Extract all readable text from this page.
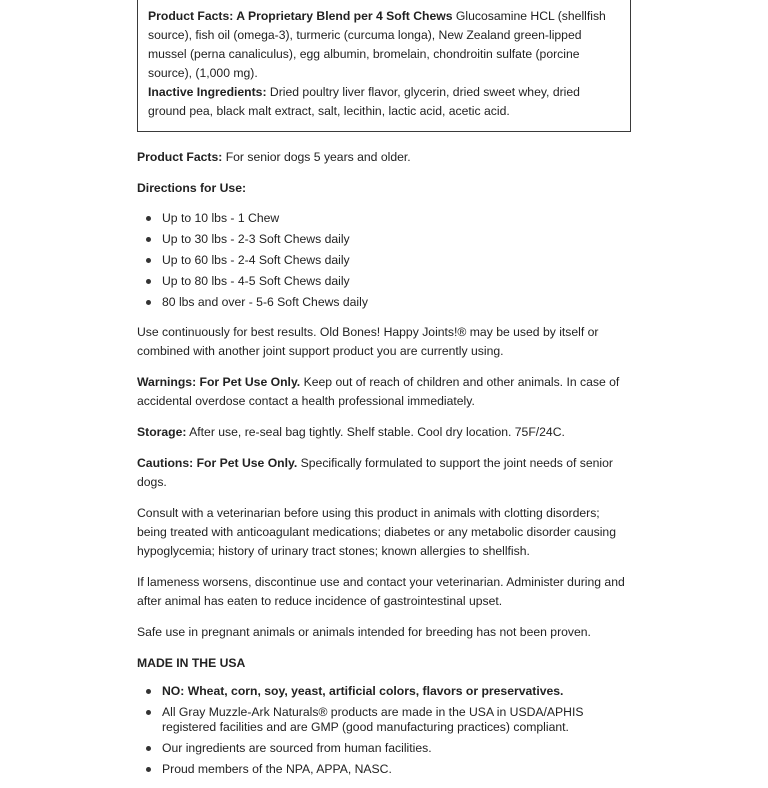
Product Facts: A Proprietary Blend per 4 Soft Chews Glucosamine HCL (shellfish source), fish oil (omega-3), turmeric (curcuma longa), New Zealand green-lipped mussel (perna canaliculus), egg albumin, bromelain, chondroitin sulfate (porcine source), (1,000 mg).

Inactive Ingredients: Dried poultry liver flavor, glycerin, dried sweet whey, dried ground pea, black malt extract, salt, lecithin, lactic acid, acetic acid.

Product Facts: For senior dogs 5 years and older.

Directions for Use:

Up to 10 lbs - 1 Chew
Up to 30 lbs - 2-3 Soft Chews daily
Up to 60 lbs - 2-4 Soft Chews daily
Up to 80 lbs - 4-5 Soft Chews daily
80 lbs and over - 5-6 Soft Chews daily

Use continuously for best results. Old Bones! Happy Joints!® may be used by itself or combined with another joint support product you are currently using.

Warnings: For Pet Use Only. Keep out of reach of children and other animals. In case of accidental overdose contact a health professional immediately.

Storage: After use, re-seal bag tightly. Shelf stable. Cool dry location. 75F/24C.

Cautions: For Pet Use Only. Specifically formulated to support the joint needs of senior dogs.

Consult with a veterinarian before using this product in animals with clotting disorders; being treated with anticoagulant medications; diabetes or any metabolic disorder causing hypoglycemia; history of urinary tract stones; known allergies to shellfish.

If lameness worsens, discontinue use and contact your veterinarian. Administer during and after animal has eaten to reduce incidence of gastrointestinal upset.

Safe use in pregnant animals or animals intended for breeding has not been proven.

MADE IN THE USA

NO: Wheat, corn, soy, yeast, artificial colors, flavors or preservatives.
All Gray Muzzle-Ark Naturals® products are made in the USA in USDA/APHIS registered facilities and are GMP (good manufacturing practices) compliant.
Our ingredients are sourced from human facilities.
Proud members of the NPA, APPA, NASC.
